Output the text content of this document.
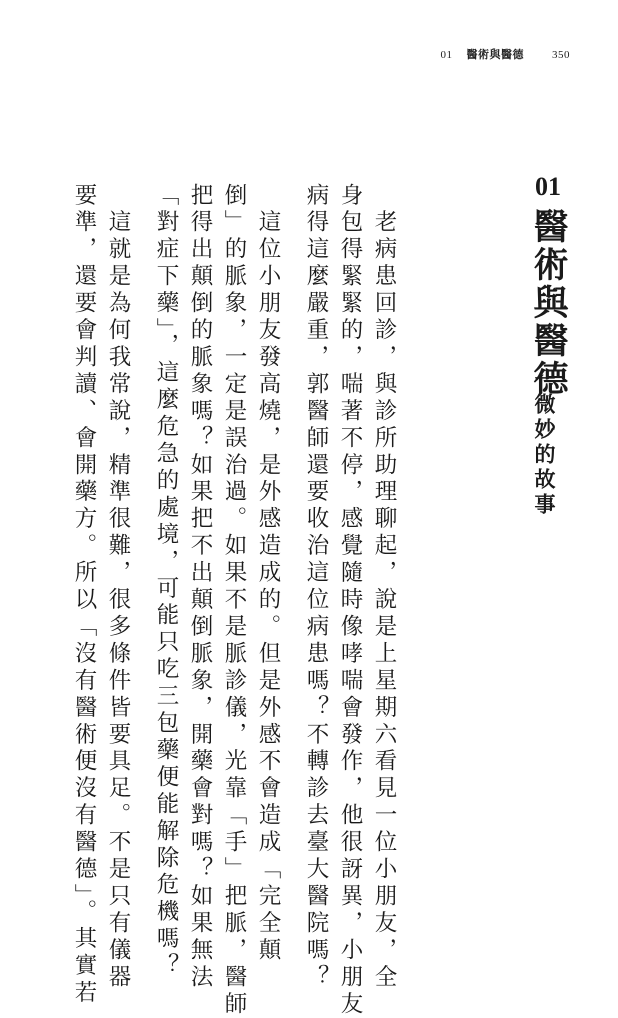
01 醫術與醫德	350
01
醫術與醫德
一微妙的故事
　老病患回診，與診所助理聊起，說是上星期六看見一位小朋友，全
身包得緊緊的，喘著不停，感覺隨時像哮喘會發作，他很訝異，小朋友
病得這麼嚴重，郭醫師還要收治這位病患嗎？不轉診去臺大醫院嗎？
　這位小朋友發高燒，是外感造成的。但是外感不會造成「完全顛
倒」的脈象，一定是誤治過。如果不是脈診儀，光靠「手」把脈，醫師
把得出顛倒的脈象嗎？如果把不出顛倒脈象，開藥會對嗎？如果無法
「對症下藥」，這麼危急的處境，可能只吃三包藥便能解除危機嗎？
　這就是為何我常說，精準很難，很多條件皆要具足。不是只有儀器
要準，還要會判讀、會開藥方。所以「沒有醫術便沒有醫德」。其實若
